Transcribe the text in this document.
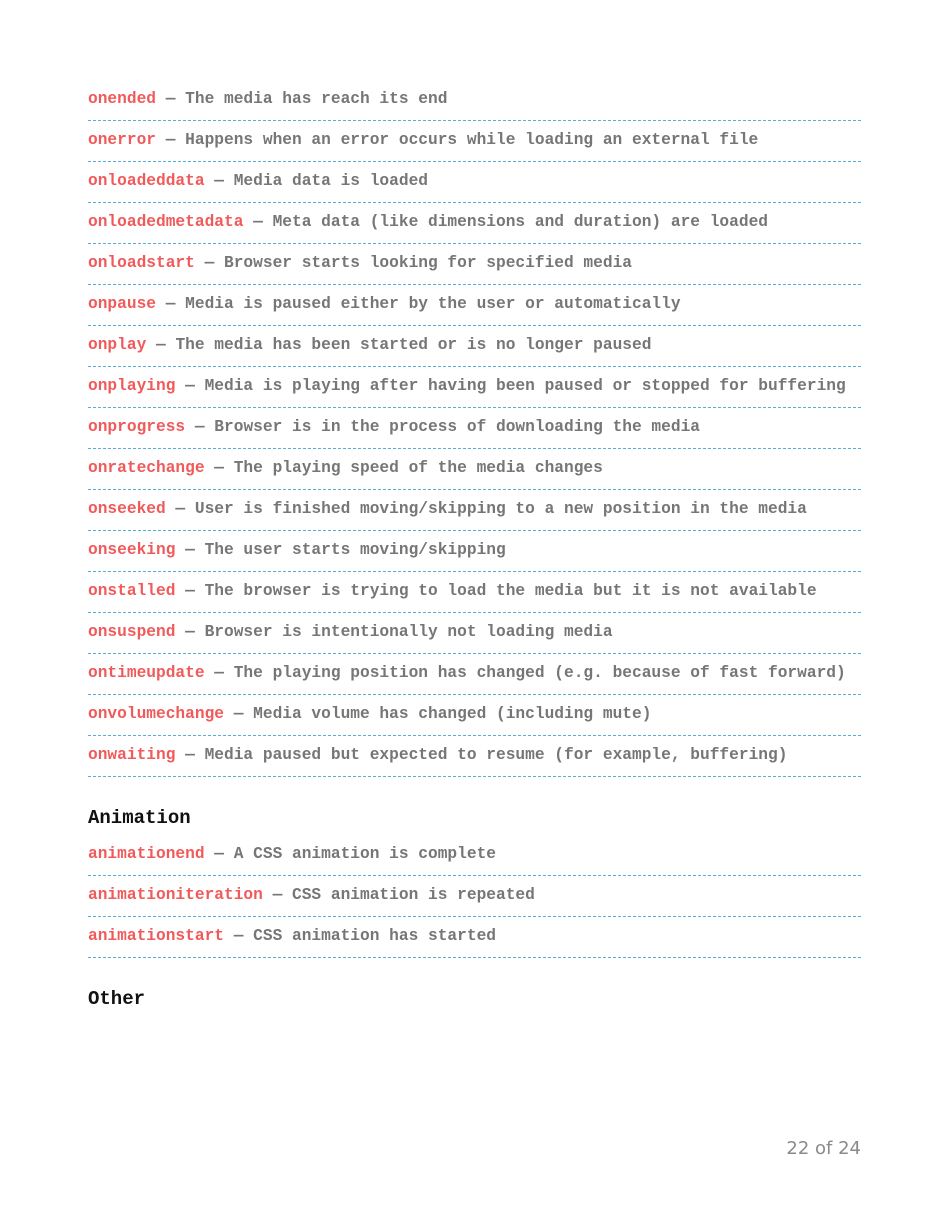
onended — The media has reach its end
onerror — Happens when an error occurs while loading an external file
onloadeddata — Media data is loaded
onloadedmetadata — Meta data (like dimensions and duration) are loaded
onloadstart — Browser starts looking for specified media
onpause — Media is paused either by the user or automatically
onplay — The media has been started or is no longer paused
onplaying — Media is playing after having been paused or stopped for buffering
onprogress — Browser is in the process of downloading the media
onratechange — The playing speed of the media changes
onseeked — User is finished moving/skipping to a new position in the media
onseeking — The user starts moving/skipping
onstalled — The browser is trying to load the media but it is not available
onsuspend — Browser is intentionally not loading media
ontimeupdate — The playing position has changed (e.g. because of fast forward)
onvolumechange — Media volume has changed (including mute)
onwaiting — Media paused but expected to resume (for example, buffering)
Animation
animationend — A CSS animation is complete
animationiteration — CSS animation is repeated
animationstart — CSS animation has started
Other
22 of 24
